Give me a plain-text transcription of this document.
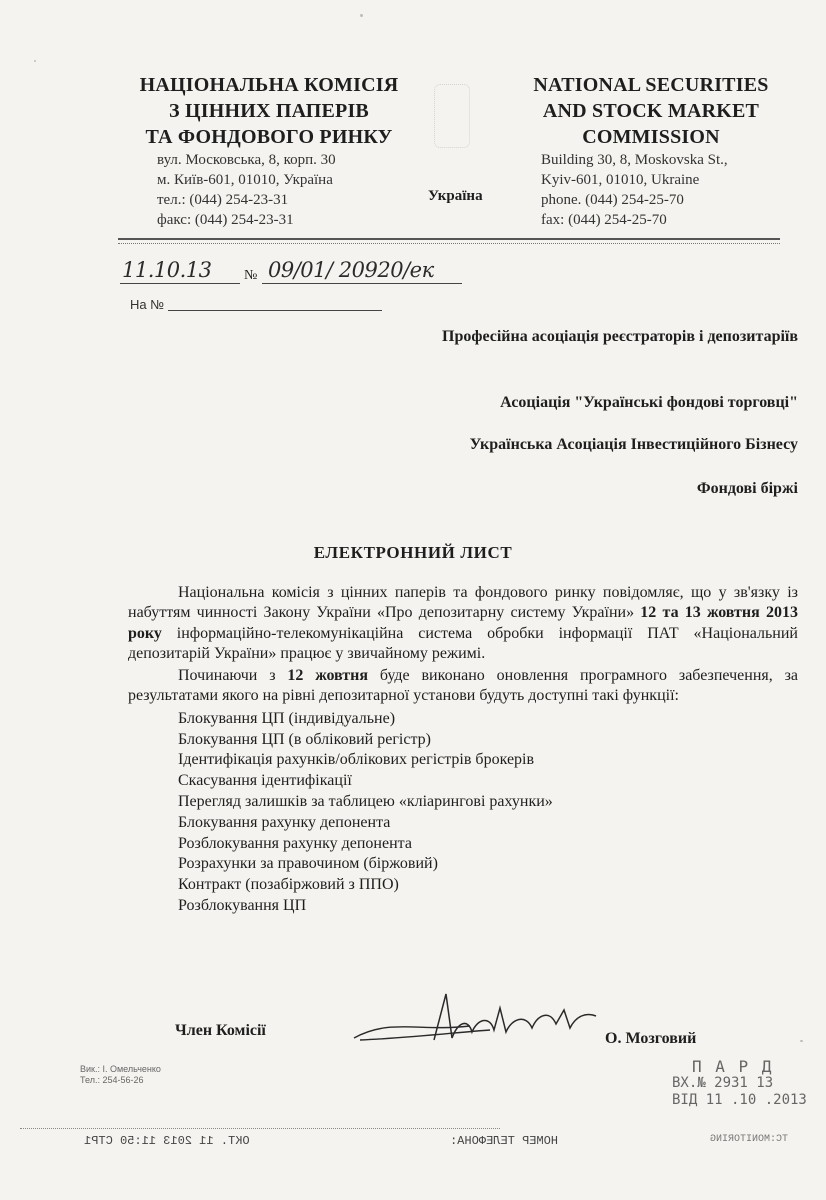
НАЦІОНАЛЬНА КОМІСІЯ
З ЦІННИХ ПАПЕРІВ
ТА ФОНДОВОГО РИНКУ
вул. Московська, 8, корп. 30
м. Київ-601, 01010, Україна
тел.: (044) 254-23-31
факс: (044) 254-23-31
Україна
NATIONAL SECURITIES
AND STOCK MARKET
COMMISSION
Building 30, 8, Moskovska St.,
Kyiv-601, 01010, Ukraine
phone. (044) 254-25-70
fax: (044) 254-25-70
11.10.13 № 09/01/ 20920/ек
На №
Професійна асоціація реєстраторів і депозитаріїв
Асоціація "Українські фондові торговці"
Українська Асоціація Інвестиційного Бізнесу
Фондові біржі
ЕЛЕКТРОННИЙ ЛИСТ

Національна комісія з цінних паперів та фондового ринку повідомляє, що у зв'язку із набуттям чинності Закону України «Про депозитарну систему України» 12 та 13 жовтня 2013 року інформаційно-телекомунікаційна система обробки інформації ПАТ «Національний депозитарій України» працює у звичайному режимі.

Починаючи з 12 жовтня буде виконано оновлення програмного забезпечення, за результатами якого на рівні депозитарної установи будуть доступні такі функції:

Блокування ЦП (індивідуальне)
Блокування ЦП (в обліковий регістр)
Ідентифікація рахунків/облікових регістрів брокерів
Скасування ідентифікації
Перегляд залишків за таблицею «кліарингові рахунки»
Блокування рахунку депонента
Розблокування рахунку депонента
Розрахунки за правочином (біржовий)
Контракт (позабіржовий з ППО)
Розблокування ЦП
Член Комісії	О. Мозговий
Вик.: І. Омельченко
Тел.: 254-56-26
П А Р Д
ВХ.№ 2931 13
ВІД 11 .10 .2013
ОКТ. 11 2013 11:50 СТР1	НОМЕР ТЕЛЕФОНА:	TC:MONITORING
